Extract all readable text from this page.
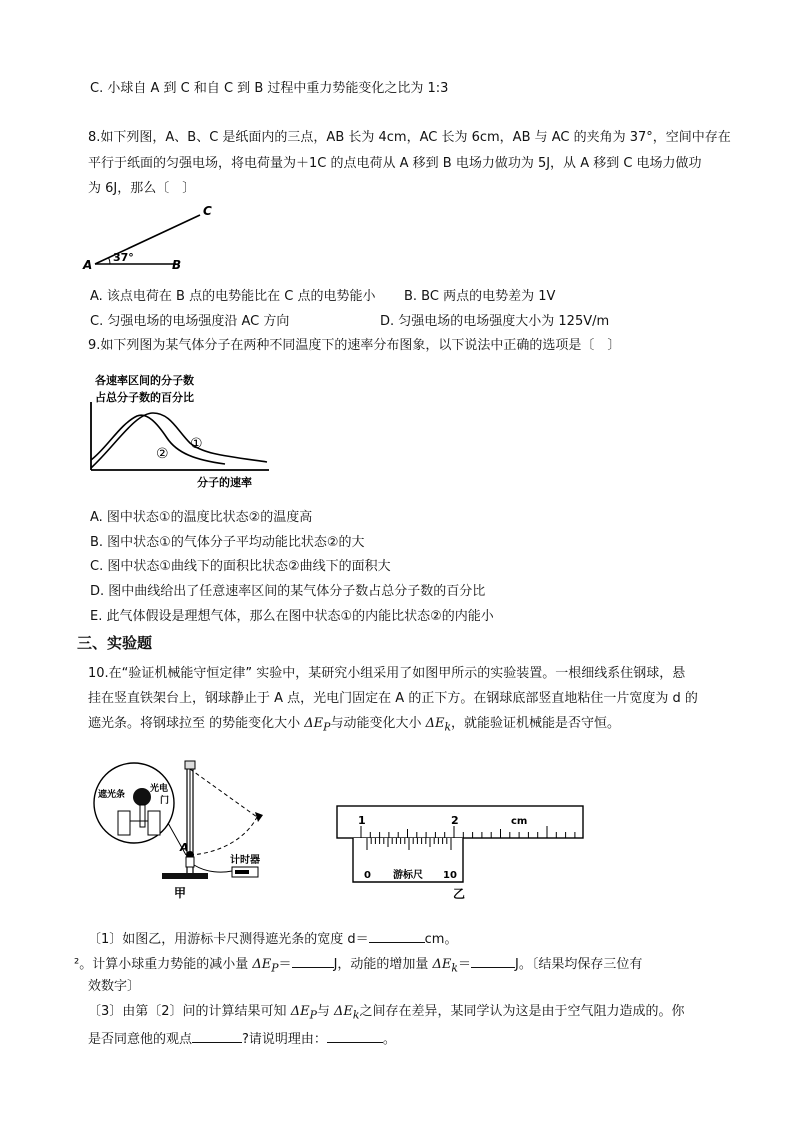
C. 小球自 A 到 C 和自 C 到 B 过程中重力势能变化之比为 1:3
8.如下列图，A、B、C 是纸面内的三点，AB 长为 4cm，AC 长为 6cm，AB 与 AC 的夹角为 37°，空间中存在
平行于纸面的匀强电场，将电荷量为＋1C 的点电荷从 A 移到 B 电场力做功为 5J，从 A 移到 C 电场力做功
为 6J，那么〔　〕
A	B
C
37°
A. 该点电荷在 B 点的电势能比在 C 点的电势能小 B. BC 两点的电势差为 1V
C. 匀强电场的电场强度沿 AC 方向	D. 匀强电场的电场强度大小为 125V/m
9.如下列图为某气体分子在两种不同温度下的速率分布图象，以下说法中正确的选项是〔　〕
各速率区间的分子数
占总分子数的百分比
①
②
分子的速率
A. 图中状态①的温度比状态②的温度高
B. 图中状态①的气体分子平均动能比状态②的大
C. 图中状态①曲线下的面积比状态②曲线下的面积大
D. 图中曲线给出了任意速率区间的某气体分子数占总分子数的百分比
E. 此气体假设是理想气体，那么在图中状态①的内能比状态②的内能小
三、实验题
10.在“验证机械能守恒定律” 实验中，某研究小组采用了如图甲所示的实验装置。一根细线系住钢球，悬
挂在竖直铁架台上，钢球静止于 A 点，光电门固定在 A 的正下方。在钢球底部竖直地粘住一片宽度为 d 的
遮光条。将钢球拉至 的势能变化大小 $\Delta E_P$与动能变化大小 $\Delta E_k$，就能验证机械能是否守恒。
A
计时器
遮光条
光电
门
甲
1	2	cm
0 游标尺 10
乙
〔1〕如图乙，用游标卡尺测得遮光条的宽度 d＝	cm。
²。计算小球重力势能的减小量 $\Delta E_P=$	J，动能的增加量 $\Delta E_k=$	J。〔结果均保存三位有
效数字〕
〔3〕由第〔2〕问的计算结果可知 $\Delta E_P$与 $\Delta E_k$之间存在差异，某同学认为这是由于空气阻力造成的。你
是否同意他的观点	?请说明理由：	。
